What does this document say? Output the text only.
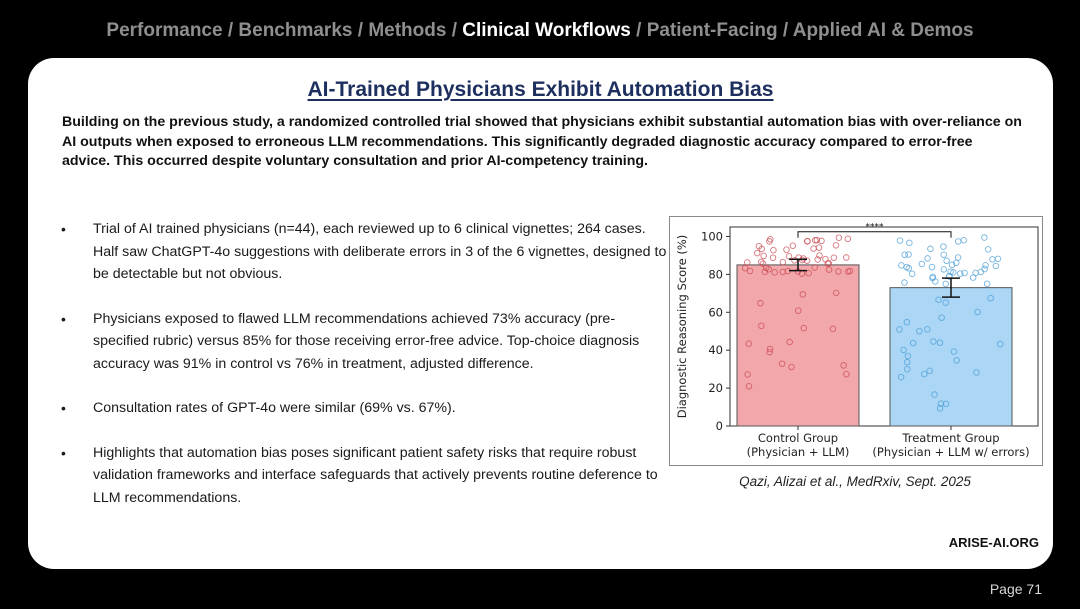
Performance / Benchmarks / Methods / Clinical Workflows / Patient-Facing / Applied AI & Demos
AI-Trained Physicians Exhibit Automation Bias
Building on the previous study, a randomized controlled trial showed that physicians exhibit substantial automation bias with over-reliance on AI outputs when exposed to erroneous LLM recommendations. This significantly degraded diagnostic accuracy compared to error-free advice. This occurred despite voluntary consultation and prior AI-competency training.
• Trial of AI trained physicians (n=44), each reviewed up to 6 clinical vignettes; 264 cases. Half saw ChatGPT-4o suggestions with deliberate errors in 3 of the 6 vignettes, designed to be detectable but not obvious.
• Physicians exposed to flawed LLM recommendations achieved 73% accuracy (pre-specified rubric) versus 85% for those receiving error-free advice. Top-choice diagnosis accuracy was 91% in control vs 76% in treatment, adjusted difference.
• Consultation rates of GPT-4o were similar (69% vs. 67%).
• Highlights that automation bias poses significant patient safety risks that require robust validation frameworks and interface safeguards that actively prevents routine deference to LLM recommendations.
0
20
40
60
80
100
Diagnostic Reasoning Score (%)
Control Group
(Physician + LLM)
Treatment Group
(Physician + LLM w/ errors)
****
Qazi, Alizai et al., MedRxiv, Sept. 2025
ARISE-AI.ORG
Page 71
